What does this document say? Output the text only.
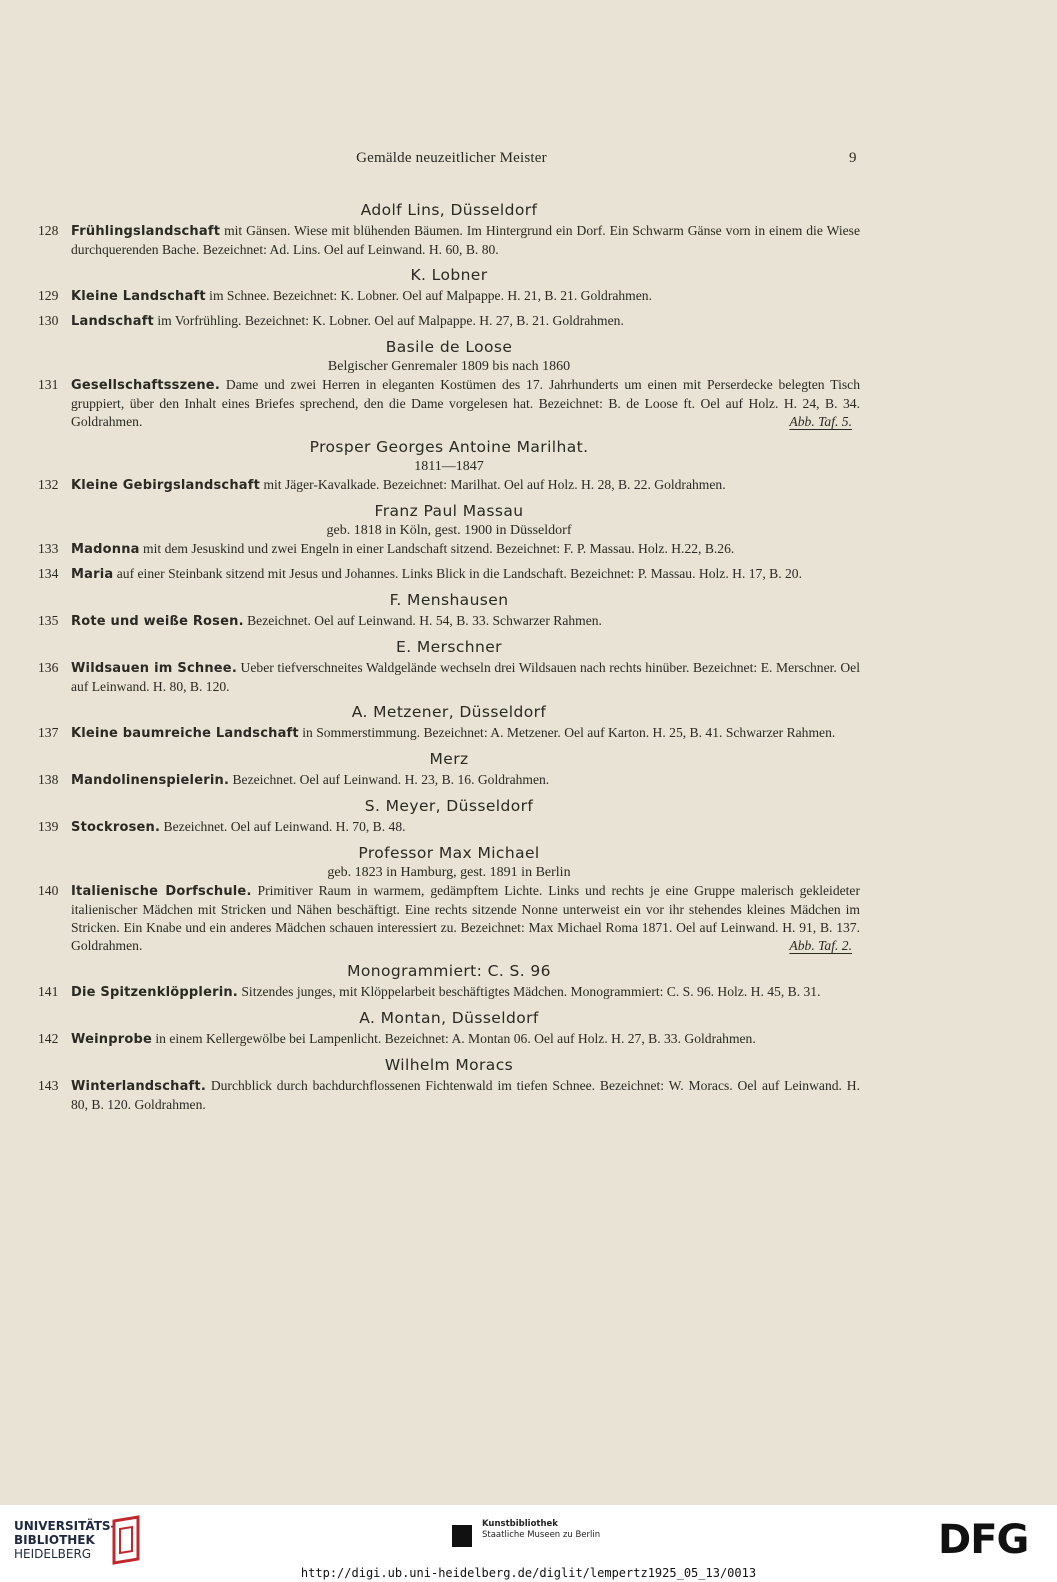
Gemälde neuzeitlicher Meister	9
Adolf Lins, Düsseldorf
128 Frühlingslandschaft mit Gänsen. Wiese mit blühenden Bäumen. Im Hintergrund ein Dorf. Ein Schwarm Gänse vorn in einem die Wiese durchquerenden Bache. Bezeichnet: Ad. Lins. Oel auf Leinwand. H. 60, B. 80.
K. Lobner
129 Kleine Landschaft im Schnee. Bezeichnet: K. Lobner. Oel auf Malpappe. H. 21, B. 21. Goldrahmen.
130 Landschaft im Vorfrühling. Bezeichnet: K. Lobner. Oel auf Malpappe. H. 27, B. 21. Goldrahmen.
Basile de Loose
Belgischer Genremaler 1809 bis nach 1860
131 Gesellschaftsszene. Dame und zwei Herren in eleganten Kostümen des 17. Jahrhunderts um einen mit Perserdecke belegten Tisch gruppiert, über den Inhalt eines Briefes sprechend, den die Dame vorgelesen hat. Bezeichnet: B. de Loose ft. Oel auf Holz. H. 24, B. 34. Goldrahmen.	Abb. Taf. 5.
Prosper Georges Antoine Marilhat.
1811—1847
132 Kleine Gebirgslandschaft mit Jäger-Kavalkade. Bezeichnet: Marilhat. Oel auf Holz. H. 28, B. 22. Goldrahmen.
Franz Paul Massau
geb. 1818 in Köln, gest. 1900 in Düsseldorf
133 Madonna mit dem Jesuskind und zwei Engeln in einer Landschaft sitzend. Bezeichnet: F. P. Massau. Holz. H.22, B.26.
134 Maria auf einer Steinbank sitzend mit Jesus und Johannes. Links Blick in die Landschaft. Bezeichnet: P. Massau. Holz. H. 17, B. 20.
F. Menshausen
135 Rote und weiße Rosen. Bezeichnet. Oel auf Leinwand. H. 54, B. 33. Schwarzer Rahmen.
E. Merschner
136 Wildsauen im Schnee. Ueber tiefverschneites Waldgelände wechseln drei Wildsauen nach rechts hinüber. Bezeichnet: E. Merschner. Oel auf Leinwand. H. 80, B. 120.
A. Metzener, Düsseldorf
137 Kleine baumreiche Landschaft in Sommerstimmung. Bezeichnet: A. Metzener. Oel auf Karton. H. 25, B. 41. Schwarzer Rahmen.
Merz
138 Mandolinenspielerin. Bezeichnet. Oel auf Leinwand. H. 23, B. 16. Goldrahmen.
S. Meyer, Düsseldorf
139 Stockrosen. Bezeichnet. Oel auf Leinwand. H. 70, B. 48.
Professor Max Michael
geb. 1823 in Hamburg, gest. 1891 in Berlin
140 Italienische Dorfschule. Primitiver Raum in warmem, gedämpftem Lichte. Links und rechts je eine Gruppe malerisch gekleideter italienischer Mädchen mit Stricken und Nähen beschäftigt. Eine rechts sitzende Nonne unterweist ein vor ihr stehendes kleines Mädchen im Stricken. Ein Knabe und ein anderes Mädchen schauen interessiert zu. Bezeichnet: Max Michael Roma 1871. Oel auf Leinwand. H. 91, B. 137. Goldrahmen.	Abb. Taf. 2.
Monogrammiert: C. S. 96
141 Die Spitzenklöpplerin. Sitzendes junges, mit Klöppelarbeit beschäftigtes Mädchen. Monogrammiert: C. S. 96. Holz. H. 45, B. 31.
A. Montan, Düsseldorf
142 Weinprobe in einem Kellergewölbe bei Lampenlicht. Bezeichnet: A. Montan 06. Oel auf Holz. H. 27, B. 33. Goldrahmen.
Wilhelm Moracs
143 Winterlandschaft. Durchblick durch bachdurchflossenen Fichtenwald im tiefen Schnee. Bezeichnet: W. Moracs. Oel auf Leinwand. H. 80, B. 120. Goldrahmen.
UNIVERSITÄTS-
BIBLIOTHEK
HEIDELBERG
Kunstbibliothek
Staatliche Museen zu Berlin	DFG
http://digi.ub.uni-heidelberg.de/diglit/lempertz1925_05_13/0013
